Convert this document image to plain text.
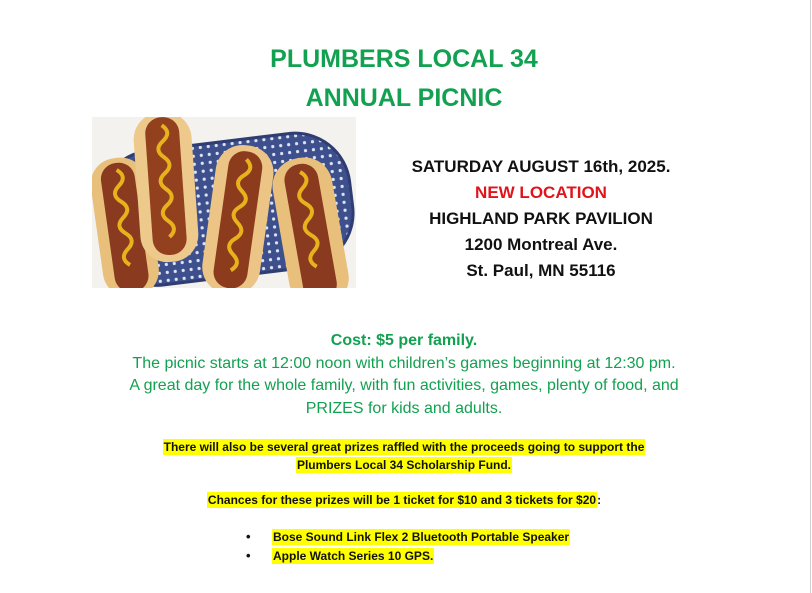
PLUMBERS LOCAL 34
ANNUAL PICNIC
SATURDAY AUGUST 16th, 2025.
NEW LOCATION
HIGHLAND PARK PAVILION
1200 Montreal Ave.
St. Paul, MN 55116
Cost: $5 per family.
The picnic starts at 12:00 noon with children’s games beginning at 12:30 pm.
A great day for the whole family, with fun activities, games, plenty of food, and
PRIZES for kids and adults.
There will also be several great prizes raffled with the proceeds going to support the
Plumbers Local 34 Scholarship Fund.
Chances for these prizes will be 1 ticket for $10 and 3 tickets for $20:
• Bose Sound Link Flex 2 Bluetooth Portable Speaker
• Apple Watch Series 10 GPS.
